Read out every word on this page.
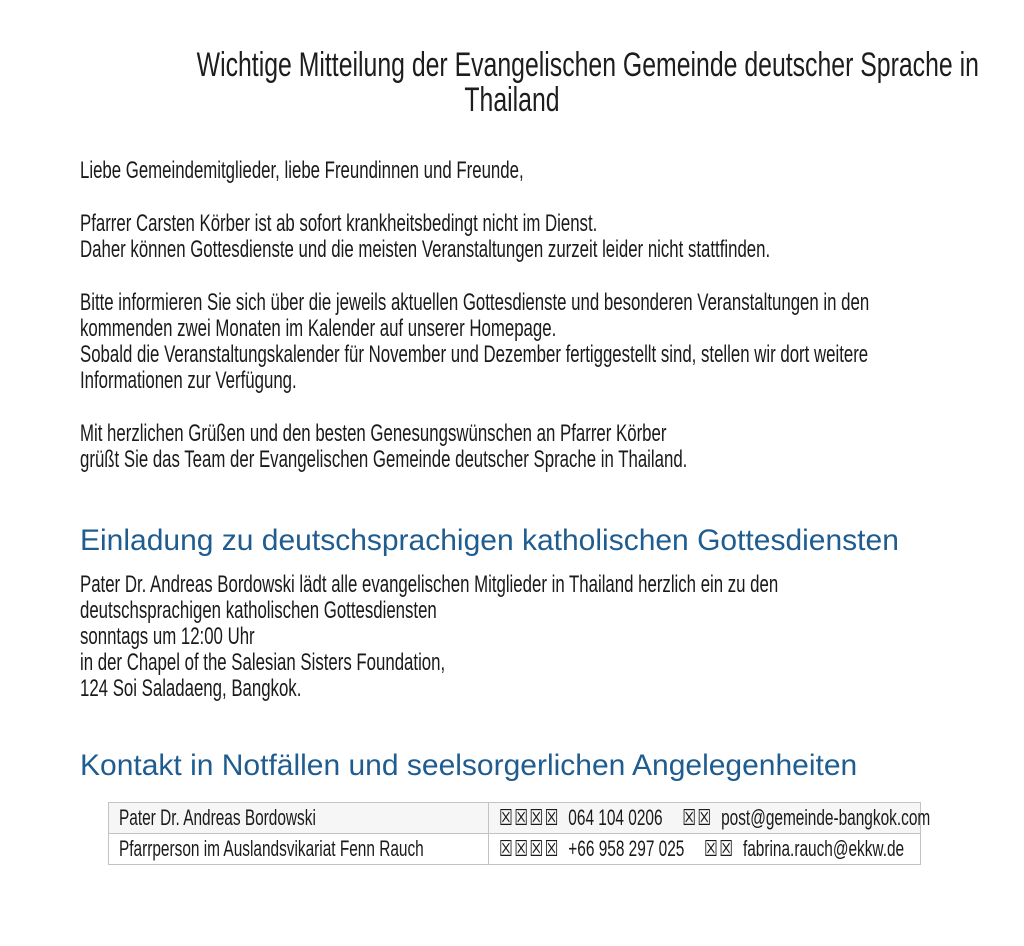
Wichtige Mitteilung der Evangelischen Gemeinde deutscher Sprache in
Thailand
Liebe Gemeindemitglieder, liebe Freundinnen und Freunde,
Pfarrer Carsten Körber ist ab sofort krankheitsbedingt nicht im Dienst.
Daher können Gottesdienste und die meisten Veranstaltungen zurzeit leider nicht stattfinden.
Bitte informieren Sie sich über die jeweils aktuellen Gottesdienste und besonderen Veranstaltungen in den
kommenden zwei Monaten im Kalender auf unserer Homepage.
Sobald die Veranstaltungskalender für November und Dezember fertiggestellt sind, stellen wir dort weitere
Informationen zur Verfügung.
Mit herzlichen Grüßen und den besten Genesungswünschen an Pfarrer Körber
grüßt Sie das Team der Evangelischen Gemeinde deutscher Sprache in Thailand.
Einladung zu deutschsprachigen katholischen Gottesdiensten
Pater Dr. Andreas Bordowski lädt alle evangelischen Mitglieder in Thailand herzlich ein zu den
deutschsprachigen katholischen Gottesdiensten
sonntags um 12:00 Uhr
in der Chapel of the Salesian Sisters Foundation,
124 Soi Saladaeng, Bangkok.
Kontakt in Notfällen und seelsorgerlichen Angelegenheiten
Pater Dr. Andreas Bordowski	☒☒☒☒ 064 104 0206 ☒☒ post@gemeinde-bangkok.com
Pfarrperson im Auslandsvikariat Fenn Rauch	☒☒☒☒ +66 958 297 025 ☒☒ fabrina.rauch@ekkw.de
